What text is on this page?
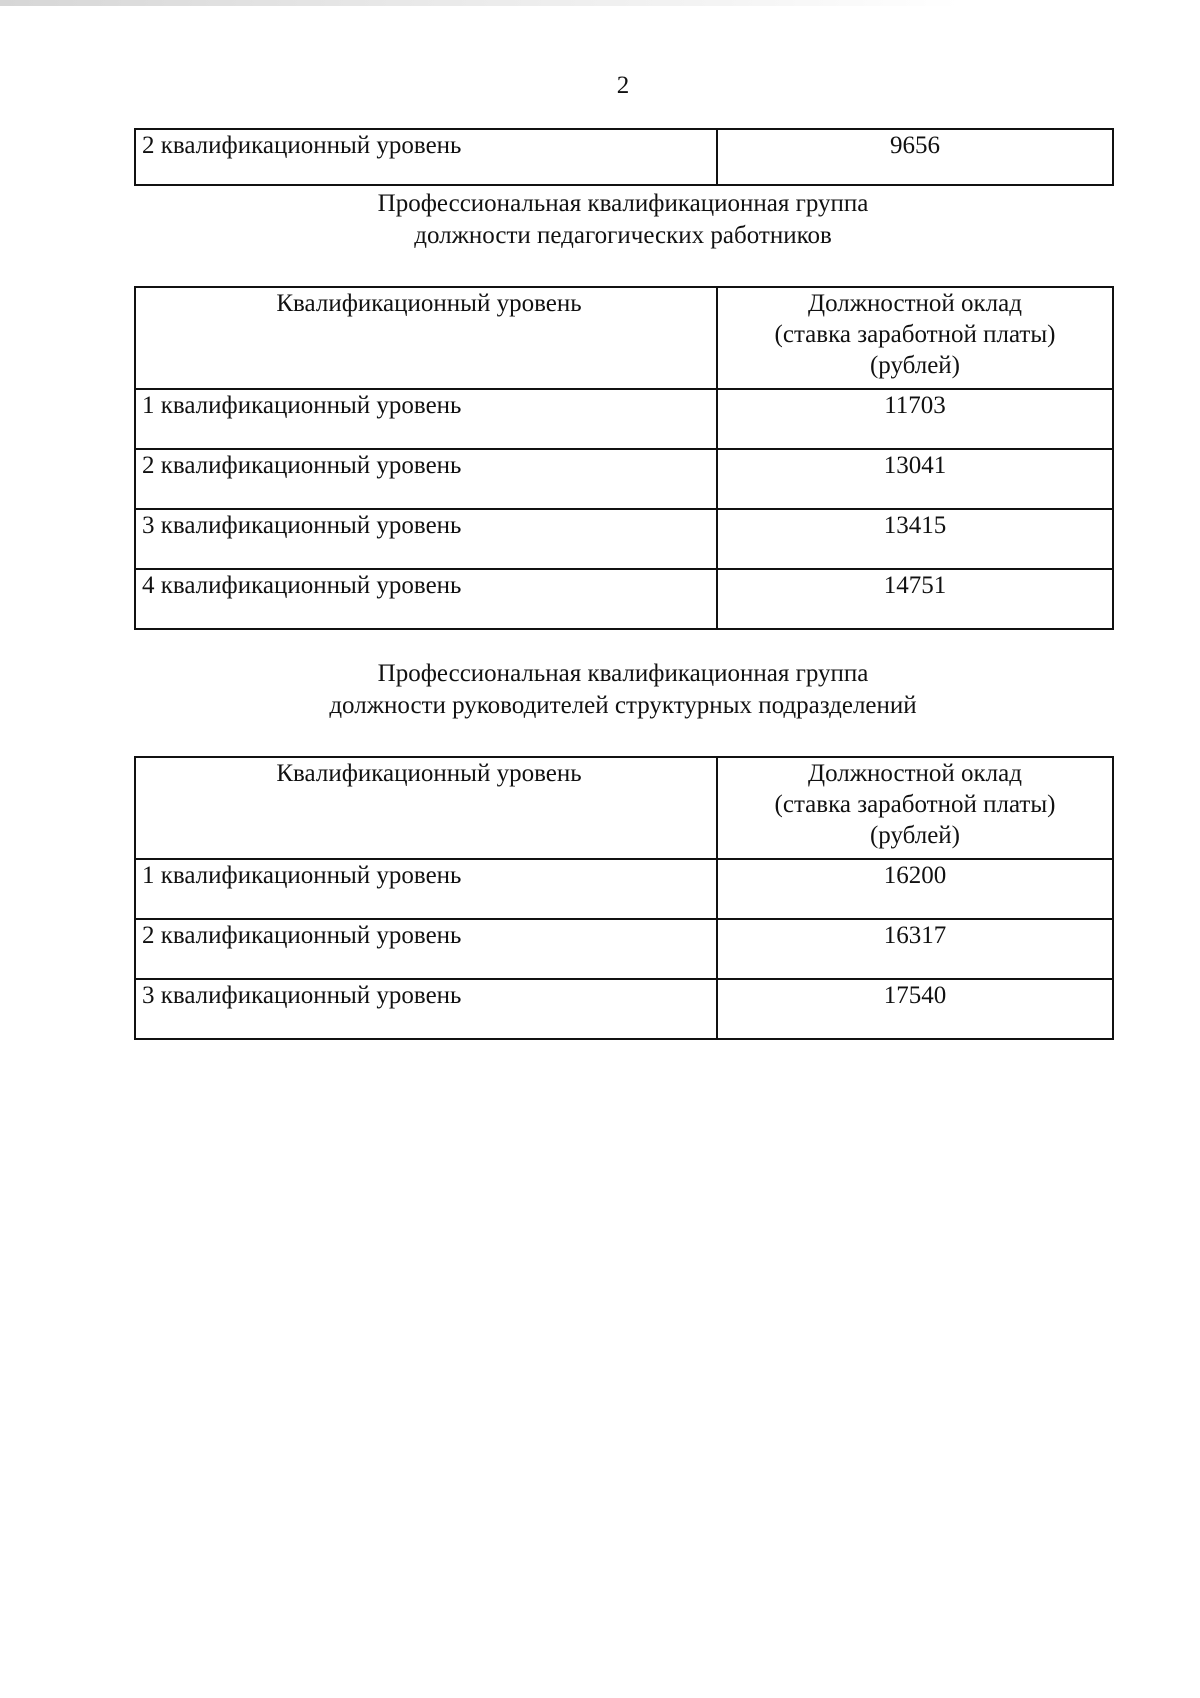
2
2 квалификационный уровень	9656
Профессиональная квалификационная группа
должности педагогических работников
Квалификационный уровень	Должностной оклад
(ставка заработной платы)
(рублей)

1 квалификационный уровень	11703
2 квалификационный уровень	13041
3 квалификационный уровень	13415
4 квалификационный уровень	14751
Профессиональная квалификационная группа
должности руководителей структурных подразделений
Квалификационный уровень	Должностной оклад
(ставка заработной платы)
(рублей)

1 квалификационный уровень	16200
2 квалификационный уровень	16317
3 квалификационный уровень	17540
